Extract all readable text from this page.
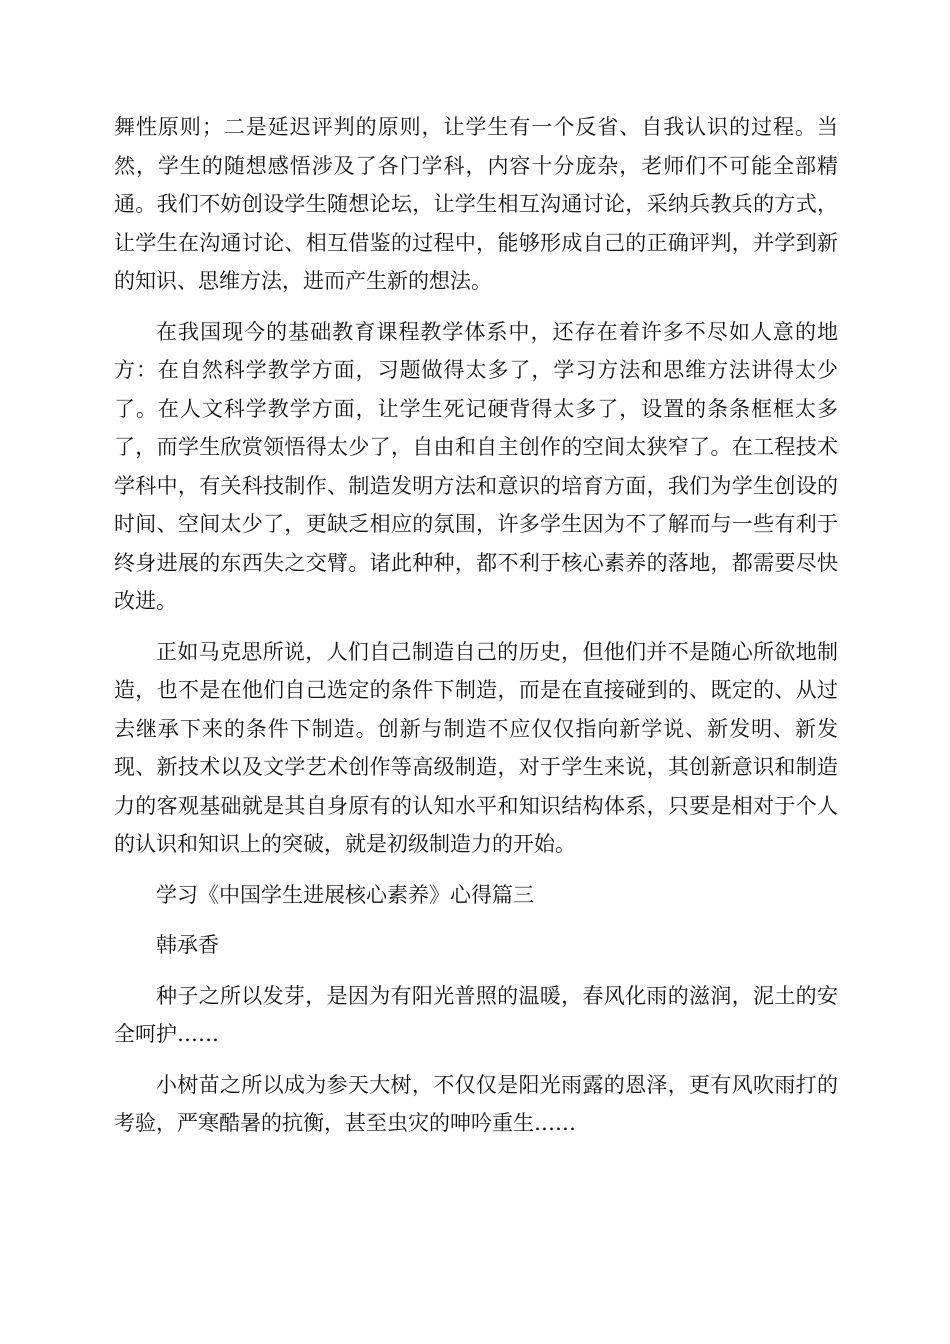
舞性原则；二是延迟评判的原则，让学生有一个反省、自我认识的过程。当然，学生的随想感悟涉及了各门学科，内容十分庞杂，老师们不可能全部精通。我们不妨创设学生随想论坛，让学生相互沟通讨论，采纳兵教兵的方式，让学生在沟通讨论、相互借鉴的过程中，能够形成自己的正确评判，并学到新的知识、思维方法，进而产生新的想法。

在我国现今的基础教育课程教学体系中，还存在着许多不尽如人意的地方：在自然科学教学方面，习题做得太多了，学习方法和思维方法讲得太少了。在人文科学教学方面，让学生死记硬背得太多了，设置的条条框框太多了，而学生欣赏领悟得太少了，自由和自主创作的空间太狭窄了。在工程技术学科中，有关科技制作、制造发明方法和意识的培育方面，我们为学生创设的时间、空间太少了，更缺乏相应的氛围，许多学生因为不了解而与一些有利于终身进展的东西失之交臂。诸此种种，都不利于核心素养的落地，都需要尽快改进。

正如马克思所说，人们自己制造自己的历史，但他们并不是随心所欲地制造，也不是在他们自己选定的条件下制造，而是在直接碰到的、既定的、从过去继承下来的条件下制造。创新与制造不应仅仅指向新学说、新发明、新发现、新技术以及文学艺术创作等高级制造，对于学生来说，其创新意识和制造力的客观基础就是其自身原有的认知水平和知识结构体系，只要是相对于个人的认识和知识上的突破，就是初级制造力的开始。

学习《中国学生进展核心素养》心得篇三

韩承香

种子之所以发芽，是因为有阳光普照的温暖，春风化雨的滋润，泥土的安全呵护……

小树苗之所以成为参天大树，不仅仅是阳光雨露的恩泽，更有风吹雨打的考验，严寒酷暑的抗衡，甚至虫灾的呻吟重生……
